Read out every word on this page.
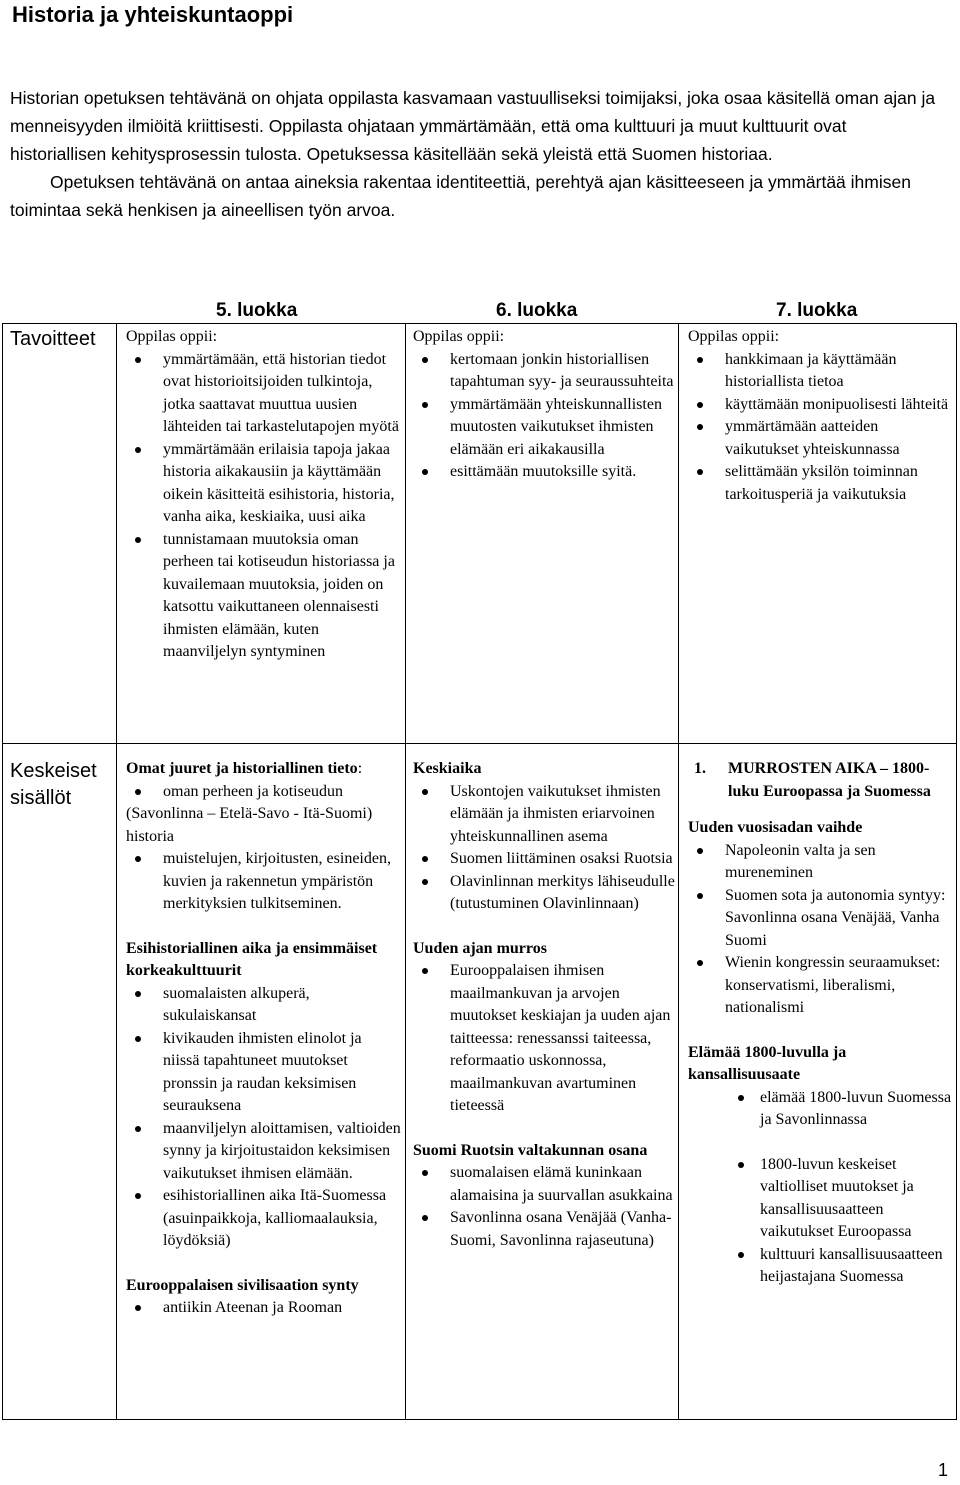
Historia ja yhteiskuntaoppi

Historian opetuksen tehtävänä on ohjata oppilasta kasvamaan vastuulliseksi toimijaksi, joka osaa käsitellä oman ajan ja menneisyyden ilmiöitä kriittisesti. Oppilasta ohjataan ymmärtämään, että oma kulttuuri ja muut kulttuurit ovat historiallisen kehitysprosessin tulosta. Opetuksessa käsitellään sekä yleistä että Suomen historiaa.

Opetuksen tehtävänä on antaa aineksia rakentaa identiteettiä, perehtyä ajan käsitteeseen ja ymmärtää ihmisen toimintaa sekä henkisen ja aineellisen työn arvoa.

5. luokka	6. luokka	7. luokka
Tavoitteet
Keskeiset
sisällöt

Oppilas oppii:

ymmärtämään, että historian tiedot ovat historioitsijoiden tulkintoja, jotka saattavat muuttua uusien lähteiden tai tarkastelutapojen myötä
ymmärtämään erilaisia tapoja jakaa historia aikakausiin ja käyttämään oikein käsitteitä esihistoria, historia, vanha aika, keskiaika, uusi aika
tunnistamaan muutoksia oman perheen tai kotiseudun historiassa ja kuvailemaan muutoksia, joiden on katsottu vaikuttaneen olennaisesti ihmisten elämään, kuten maanviljelyn syntyminen

Oppilas oppii:

kertomaan jonkin historiallisen tapahtuman syy- ja seuraussuhteita
ymmärtämään yhteiskunnallisten muutosten vaikutukset ihmisten elämään eri aikakausilla
esittämään muutoksille syitä.

Oppilas oppii:

hankkimaan ja käyttämään historiallista tietoa
käyttämään monipuolisesti lähteitä
ymmärtämään aatteiden vaikutukset yhteiskunnassa
selittämään yksilön toiminnan tarkoitusperiä ja vaikutuksia

Omat juuret ja historiallinen tieto:

oman perheen ja kotiseudun
(Savonlinna – Etelä-Savo - Itä-Suomi) historia
muistelujen, kirjoitusten, esineiden, kuvien ja rakennetun ympäristön merkityksien tulkitseminen.

Esihistoriallinen aika ja ensimmäiset korkeakulttuurit

suomalaisten alkuperä, sukulaiskansat
kivikauden ihmisten elinolot ja niissä tapahtuneet muutokset pronssin ja raudan keksimisen seurauksena
maanviljelyn aloittamisen, valtioiden synny ja kirjoitustaidon keksimisen vaikutukset ihmisen elämään.
esihistoriallinen aika Itä-Suomessa (asuinpaikkoja, kalliomaalauksia, löydöksiä)

Eurooppalaisen sivilisaation synty

antiikin Ateenan ja Rooman

Keskiaika

Uskontojen vaikutukset ihmisten elämään ja ihmisten eriarvoinen yhteiskunnallinen asema
Suomen liittäminen osaksi Ruotsia
Olavinlinnan merkitys lähiseudulle (tutustuminen Olavinlinnaan)

Uuden ajan murros

Eurooppalaisen ihmisen maailmankuvan ja arvojen muutokset keskiajan ja uuden ajan taitteessa: renessanssi taiteessa, reformaatio uskonnossa, maailmankuvan avartuminen tieteessä

Suomi Ruotsin valtakunnan osana

suomalaisen elämä kuninkaan alamaisina ja suurvallan asukkaina
Savonlinna osana Venäjää (Vanha-Suomi, Savonlinna rajaseutuna)

1. MURROSTEN AIKA – 1800-luku Euroopassa ja Suomessa

Uuden vuosisadan vaihde

Napoleonin valta ja sen mureneminen
Suomen sota ja autonomia syntyy: Savonlinna osana Venäjää, Vanha Suomi
Wienin kongressin seuraamukset: konservatismi, liberalismi, nationalismi

Elämää 1800-luvulla ja kansallisuusaate

elämää 1800-luvun Suomessa ja Savonlinnassa
1800-luvun keskeiset valtiolliset muutokset ja kansallisuusaatteen vaikutukset Euroopassa
kulttuuri kansallisuusaatteen heijastajana Suomessa
1
